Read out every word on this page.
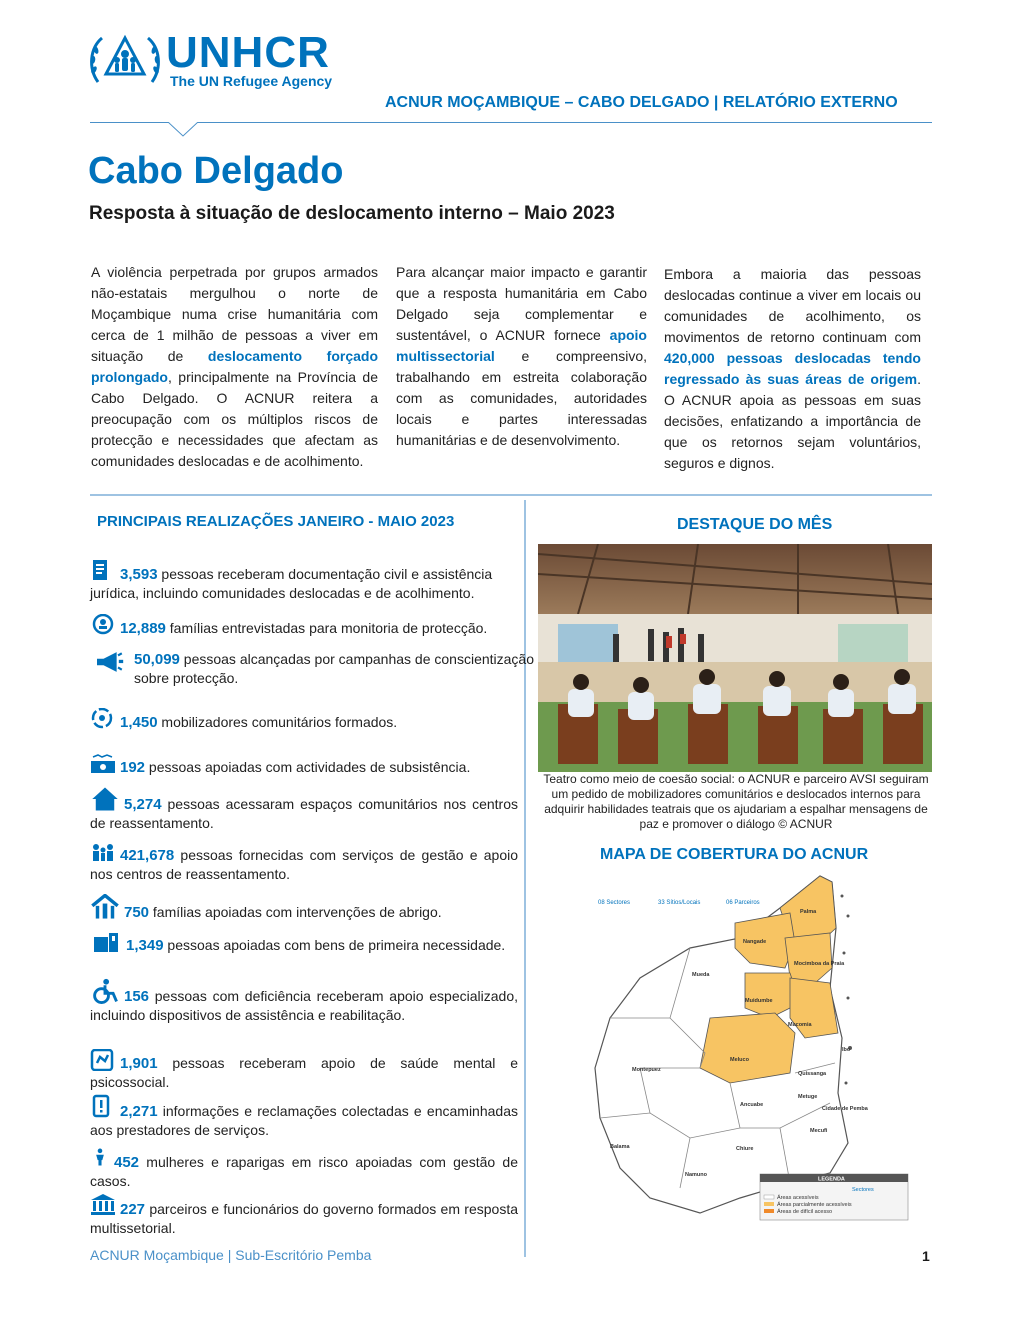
UNHCR
The UN Refugee Agency
ACNUR MOÇAMBIQUE – CABO DELGADO | RELATÓRIO EXTERNO
Cabo Delgado
Resposta à situação de deslocamento interno – Maio 2023
A violência perpetrada por grupos armados não-estatais mergulhou o norte de Moçambique numa crise humanitária com cerca de 1 milhão de pessoas a viver em situação de deslocamento forçado prolongado, principalmente na Província de Cabo Delgado. O ACNUR reitera a preocupação com os múltiplos riscos de protecção e necessidades que afectam as comunidades deslocadas e de acolhimento.
Para alcançar maior impacto e garantir que a resposta humanitária em Cabo Delgado seja complementar e sustentável, o ACNUR fornece apoio multissectorial e compreensivo, trabalhando em estreita colaboração com as comunidades, autoridades locais e partes interessadas humanitárias e de desenvolvimento.
Embora a maioria das pessoas deslocadas continue a viver em locais ou comunidades de acolhimento, os movimentos de retorno continuam com 420,000 pessoas deslocadas tendo regressado às suas áreas de origem. O ACNUR apoia as pessoas em suas decisões, enfatizando a importância de que os retornos sejam voluntários, seguros e dignos.
PRINCIPAIS REALIZAÇÕES JANEIRO - MAIO 2023
3,593 pessoas receberam documentação civil e assistência jurídica, incluindo comunidades deslocadas e de acolhimento.
12,889 famílias entrevistadas para monitoria de protecção.
50,099 pessoas alcançadas por campanhas de conscientização sobre protecção.
1,450 mobilizadores comunitários formados.
192 pessoas apoiadas com actividades de subsistência.
5,274 pessoas acessaram espaços comunitários nos centros de reassentamento.
421,678 pessoas fornecidas com serviços de gestão e apoio nos centros de reassentamento.
750 famílias apoiadas com intervenções de abrigo.
1,349 pessoas apoiadas com bens de primeira necessidade.
156 pessoas com deficiência receberam apoio especializado, incluindo dispositivos de assistência e reabilitação.
1,901 pessoas receberam apoio de saúde mental e psicossocial.
2,271 informações e reclamações colectadas e encaminhadas aos prestadores de serviços.
452 mulheres e raparigas em risco apoiadas com gestão de casos.
227 parceiros e funcionários do governo formados em resposta multissetorial.
DESTAQUE DO MÊS
Teatro como meio de coesão social: o ACNUR e parceiro AVSI seguiram um pedido de mobilizadores comunitários e deslocados internos para adquirir habilidades teatrais que os ajudariam a espalhar mensagens de paz e promover o diálogo © ACNUR
MAPA DE COBERTURA DO ACNUR
08 Sectores	33 Sítios/Locais	06 Parceiros
Palma
Nangade
Mocimboa da Praia
Mueda
Muidumbe
Macomia
Meluco
Montepuez
Ibo
Quissanga
Ancuabe
Metuge
Cidade de Pemba
Mecufi
Chiure
Balama
Namuno
LEGENDA
Sectores
Áreas acessíveis
Áreas parcialmente acessíveis
Áreas de difícil acesso
ACNUR Moçambique | Sub-Escritório Pemba	1
